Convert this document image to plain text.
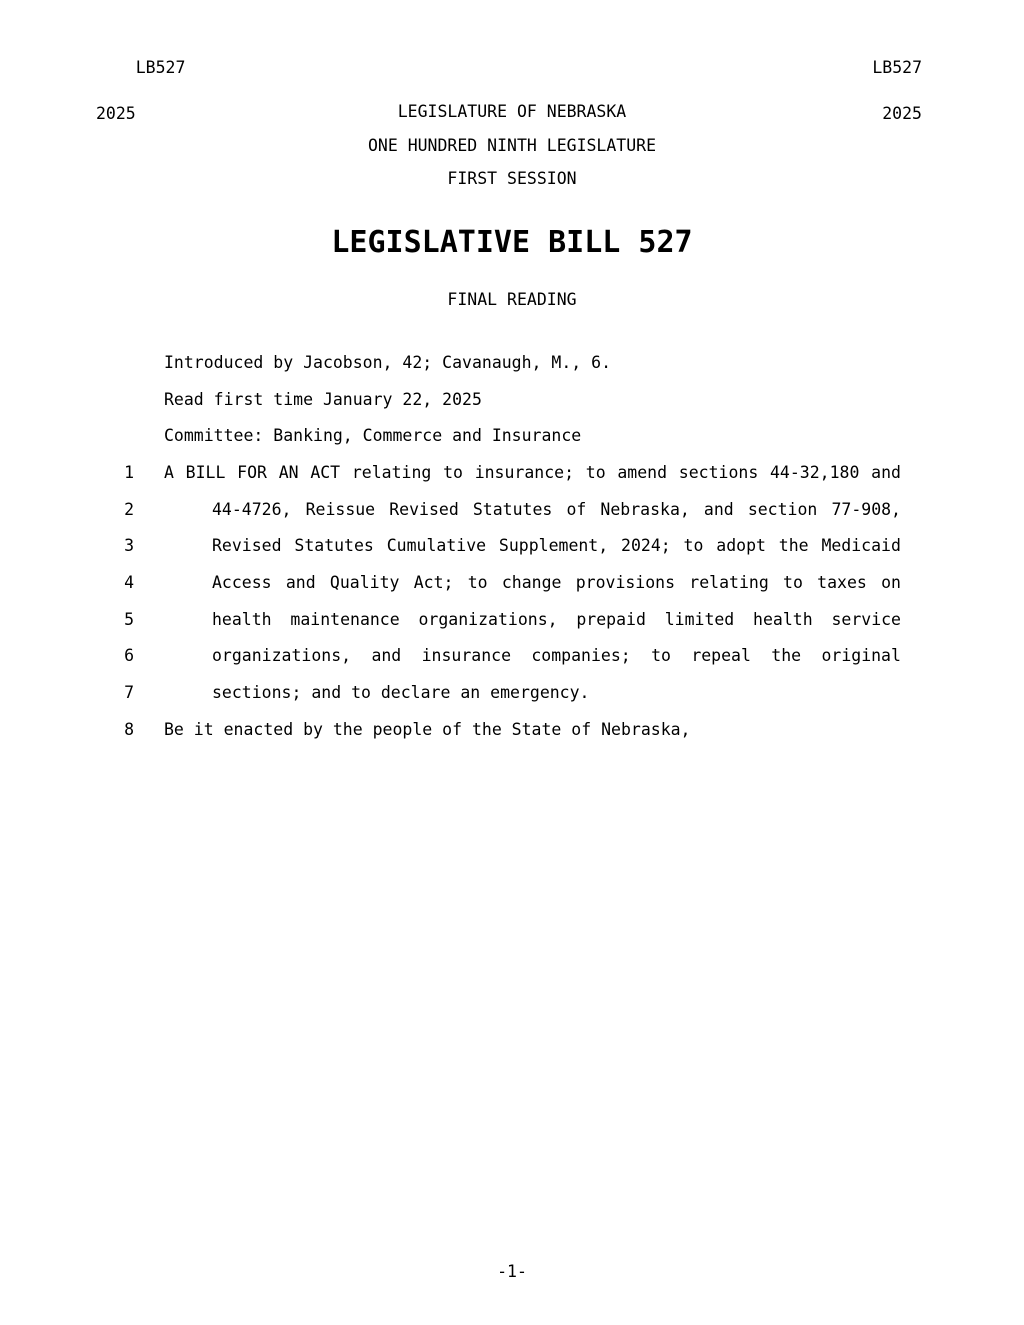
LB527

2025

LB527

2025

LEGISLATURE OF NEBRASKA
ONE HUNDRED NINTH LEGISLATURE
FIRST SESSION
LEGISLATIVE BILL 527
FINAL READING
Introduced by Jacobson, 42; Cavanaugh, M., 6.
Read first time January 22, 2025
Committee: Banking, Commerce and Insurance
1 A BILL FOR AN ACT relating to insurance; to amend sections 44-32,180 and
2	44-4726, Reissue Revised Statutes of Nebraska, and section 77-908,
3	Revised Statutes Cumulative Supplement, 2024; to adopt the Medicaid
4	Access and Quality Act; to change provisions relating to taxes on
5	health maintenance organizations, prepaid limited health service
6	organizations, and insurance companies; to repeal the original
7	sections; and to declare an emergency.
8 Be it enacted by the people of the State of Nebraska,
-1-
